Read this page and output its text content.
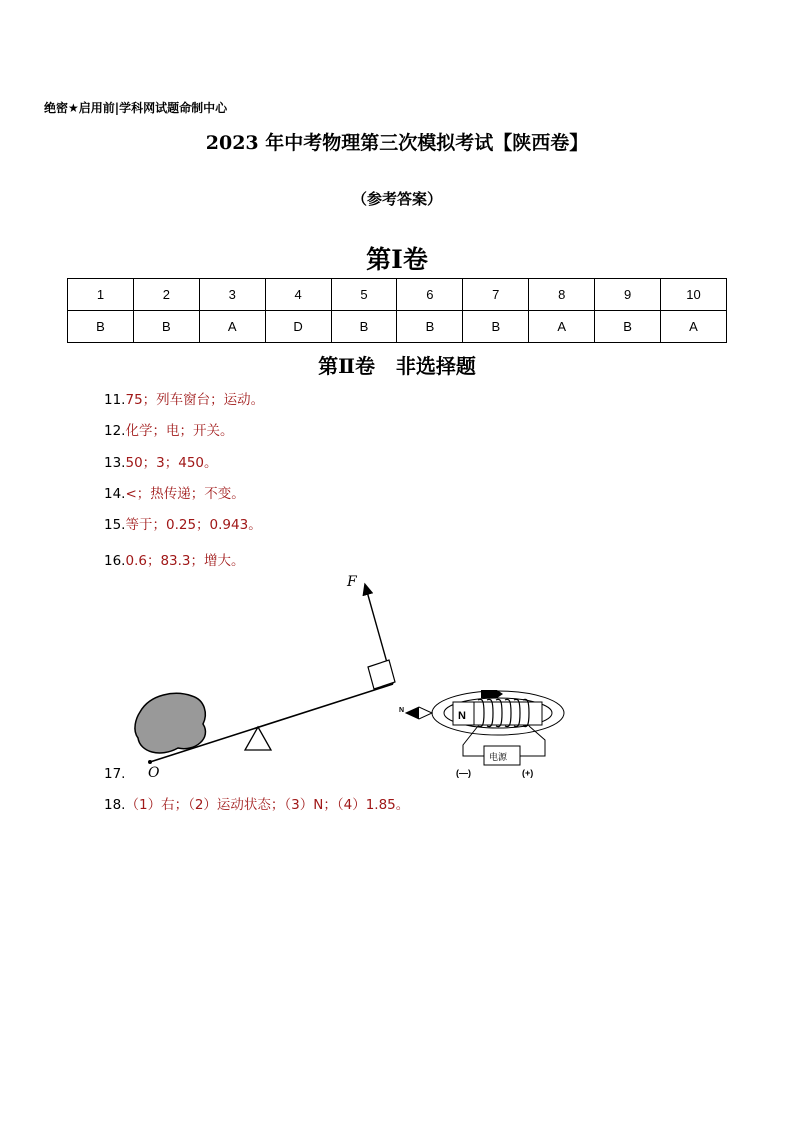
绝密★启用前|学科网试题命制中心
2023 年中考物理第三次模拟考试【陕西卷】
（参考答案）
第Ⅰ卷
1	2	3	4	5	6	7	8	9	10
B	B	A	D	B	B	B	A	B	A
第Ⅱ卷   非选择题
11.75；列车窗台；运动。
12.化学；电；开关。
13.50；3；450。
14.<；热传递；不变。
15.等于；0.25；0.943。
16.0.6；83.3；增大。
F
O
N	N
电源
(—)	(+)
17.
18.（1）右；（2）运动状态；（3）N；（4）1.85。
